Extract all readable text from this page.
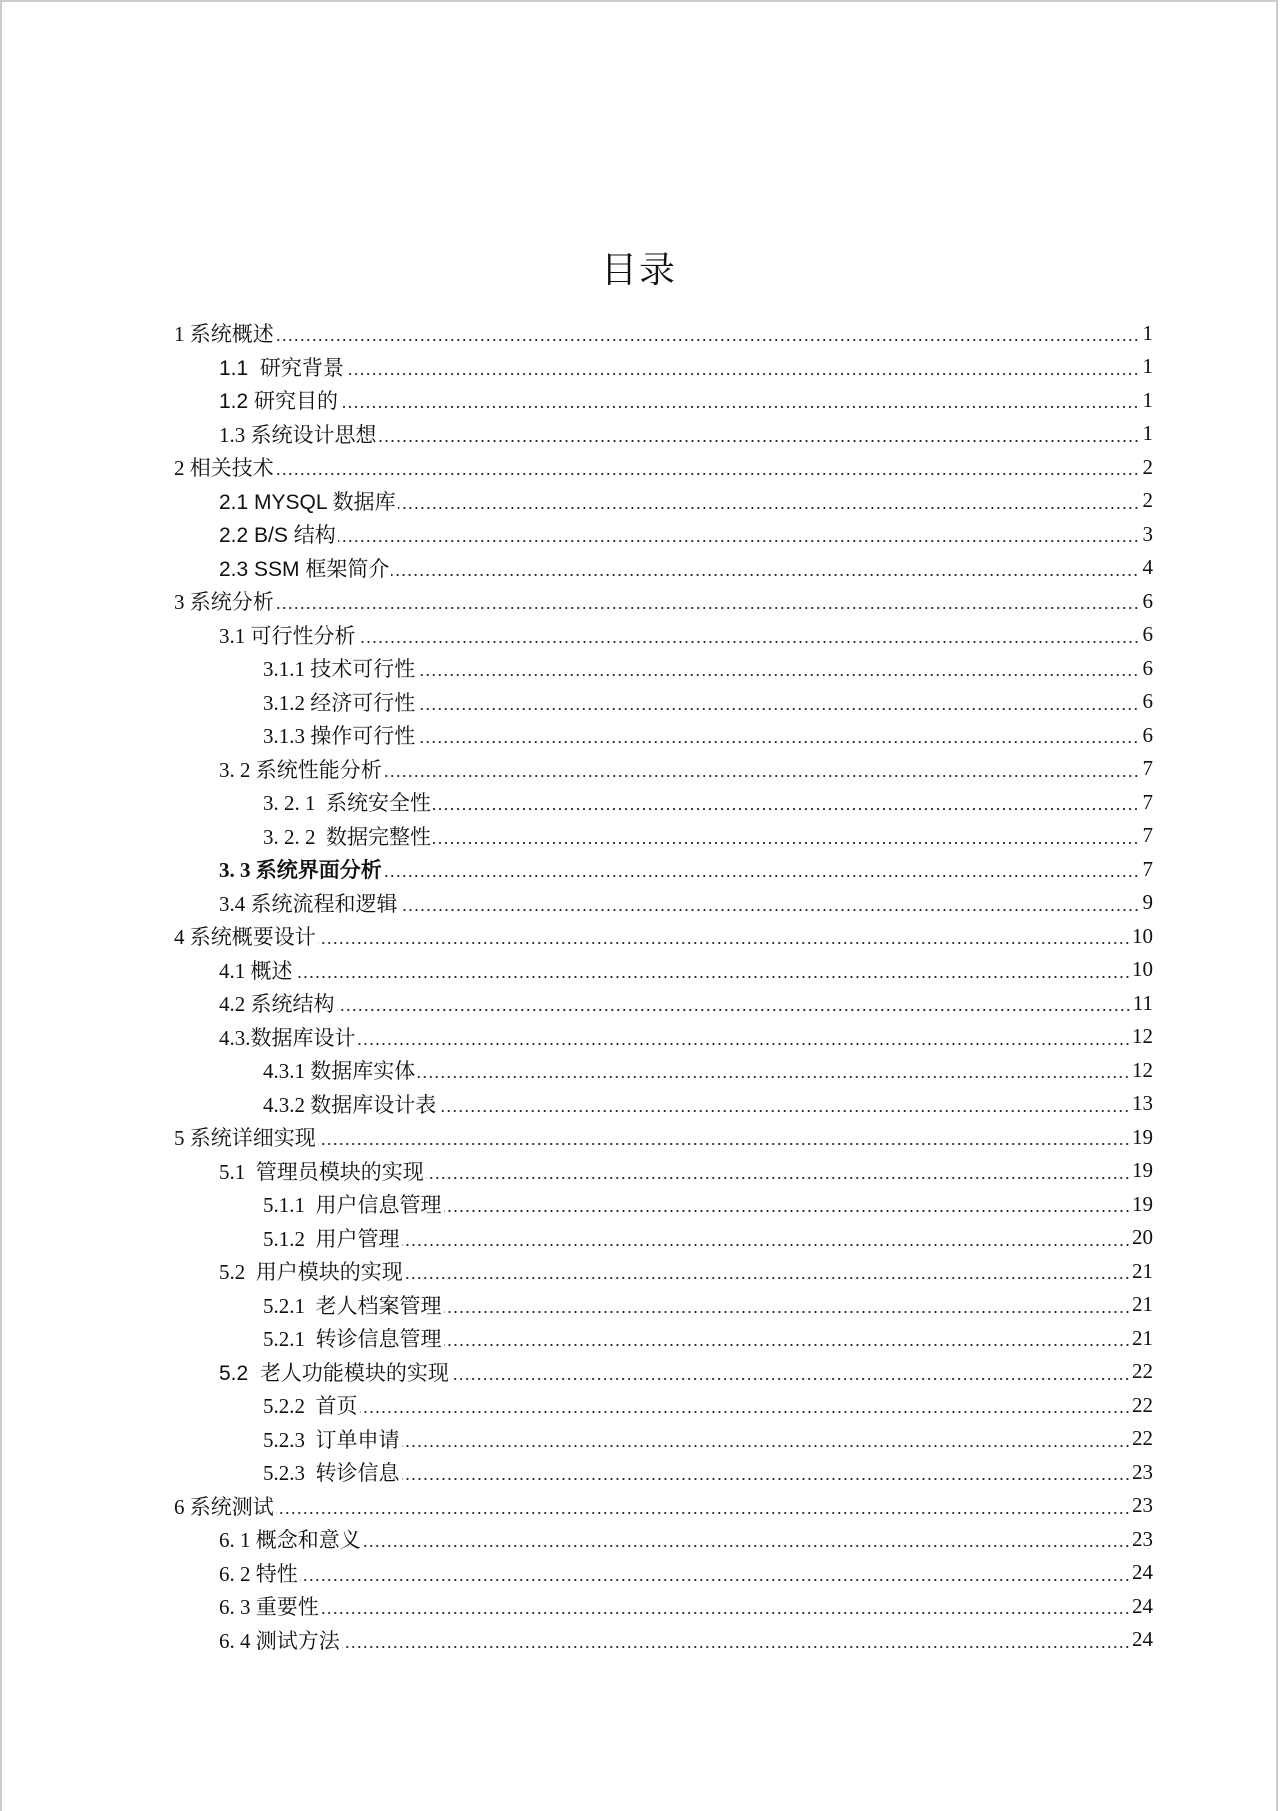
目录
1 系统概述	1
1.1  研究背景	1
1.2 研究目的	1
1.3 系统设计思想	1
2 相关技术	2
2.1 MYSQL 数据库	2
2.2 B/S 结构	3
2.3 SSM 框架简介	4
3 系统分析	6
3.1 可行性分析	6
3.1.1 技术可行性	6
3.1.2 经济可行性	6
3.1.3 操作可行性	6
3. 2 系统性能分析	7
3. 2. 1  系统安全性	7
3. 2. 2  数据完整性	7
3. 3 系统界面分析	7
3.4 系统流程和逻辑	9
4 系统概要设计	10
4.1 概述	10
4.2 系统结构	11
4.3.数据库设计	12
4.3.1 数据库实体	12
4.3.2 数据库设计表	13
5 系统详细实现	19
5.1  管理员模块的实现	19
5.1.1  用户信息管理	19
5.1.2  用户管理	20
5.2  用户模块的实现	21
5.2.1  老人档案管理	21
5.2.1  转诊信息管理	21
5.2  老人功能模块的实现	22
5.2.2  首页	22
5.2.3  订单申请	22
5.2.3  转诊信息	23
6 系统测试	23
6. 1 概念和意义	23
6. 2 特性	24
6. 3 重要性	24
6. 4 测试方法	24
